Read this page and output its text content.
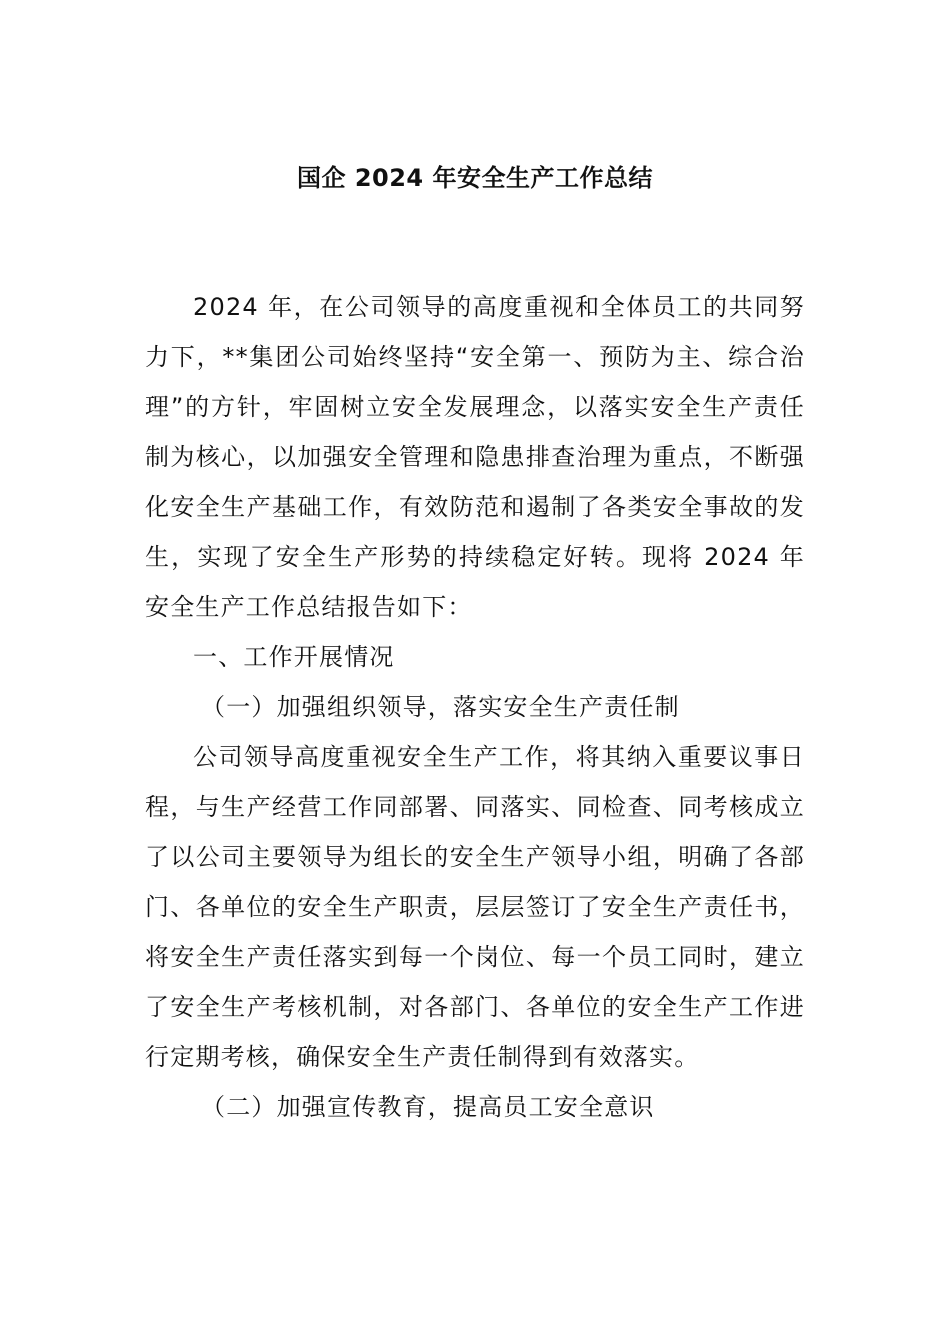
国企 2024 年安全生产工作总结

2024 年，在公司领导的高度重视和全体员工的共同努力下，**集团公司始终坚持“安全第一、预防为主、综合治理”的方针，牢固树立安全发展理念，以落实安全生产责任制为核心，以加强安全管理和隐患排查治理为重点，不断强化安全生产基础工作，有效防范和遏制了各类安全事故的发生，实现了安全生产形势的持续稳定好转。现将 2024 年安全生产工作总结报告如下：

一、工作开展情况

（一）加强组织领导，落实安全生产责任制

公司领导高度重视安全生产工作，将其纳入重要议事日程，与生产经营工作同部署、同落实、同检查、同考核成立了以公司主要领导为组长的安全生产领导小组，明确了各部门、各单位的安全生产职责，层层签订了安全生产责任书，将安全生产责任落实到每一个岗位、每一个员工同时，建立了安全生产考核机制，对各部门、各单位的安全生产工作进行定期考核，确保安全生产责任制得到有效落实。

（二）加强宣传教育，提高员工安全意识
